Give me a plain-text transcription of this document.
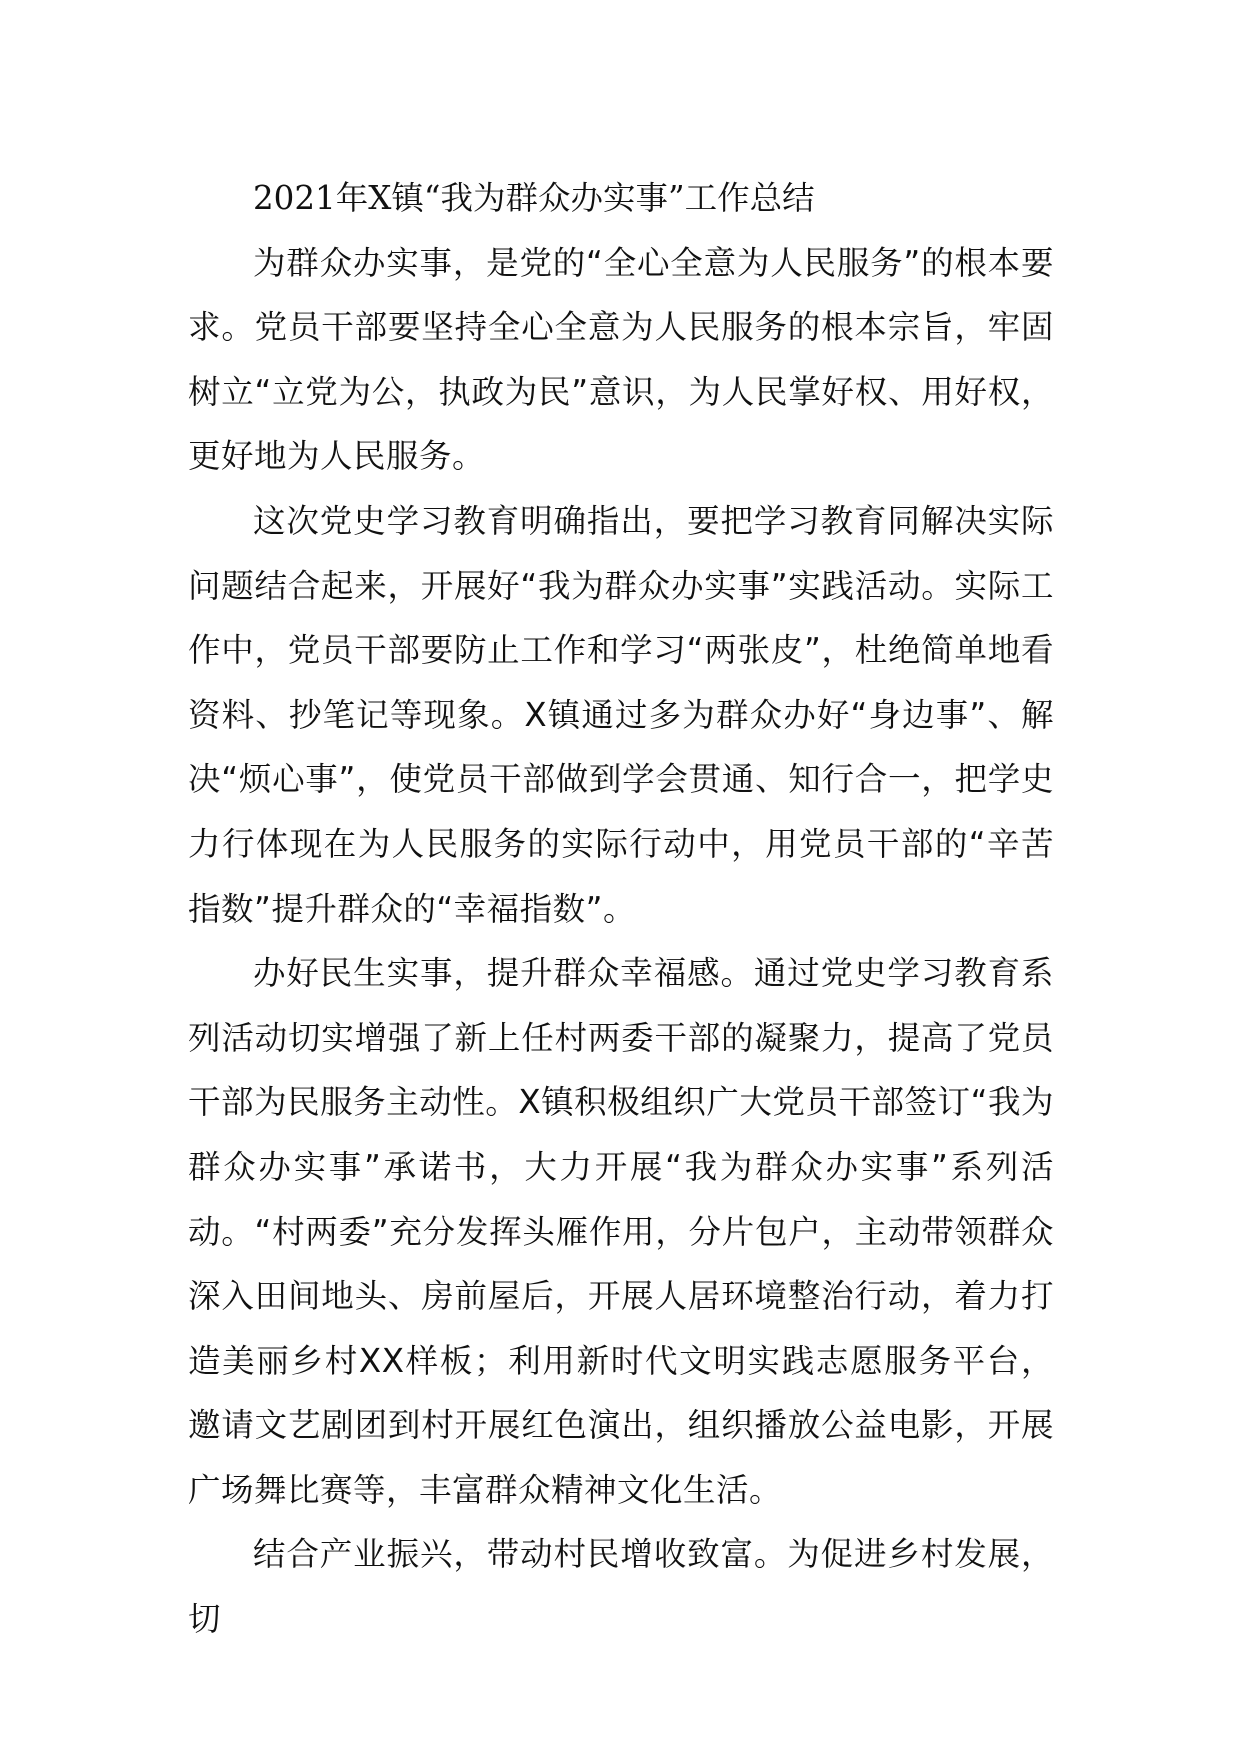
2021年X镇“我为群众办实事”工作总结

为群众办实事，是党的“全心全意为人民服务”的根本要求。党员干部要坚持全心全意为人民服务的根本宗旨，牢固树立“立党为公，执政为民”意识，为人民掌好权、用好权，更好地为人民服务。

这次党史学习教育明确指出，要把学习教育同解决实际问题结合起来，开展好“我为群众办实事”实践活动。实际工作中，党员干部要防止工作和学习“两张皮”，杜绝简单地看资料、抄笔记等现象。X镇通过多为群众办好“身边事”、解决“烦心事”，使党员干部做到学会贯通、知行合一，把学史力行体现在为人民服务的实际行动中，用党员干部的“辛苦指数”提升群众的“幸福指数”。

办好民生实事，提升群众幸福感。通过党史学习教育系列活动切实增强了新上任村两委干部的凝聚力，提高了党员干部为民服务主动性。X镇积极组织广大党员干部签订“我为群众办实事”承诺书，大力开展“我为群众办实事”系列活动。“村两委”充分发挥头雁作用，分片包户，主动带领群众深入田间地头、房前屋后，开展人居环境整治行动，着力打造美丽乡村XX样板；利用新时代文明实践志愿服务平台，邀请文艺剧团到村开展红色演出，组织播放公益电影，开展广场舞比赛等，丰富群众精神文化生活。

结合产业振兴，带动村民增收致富。为促进乡村发展，切
